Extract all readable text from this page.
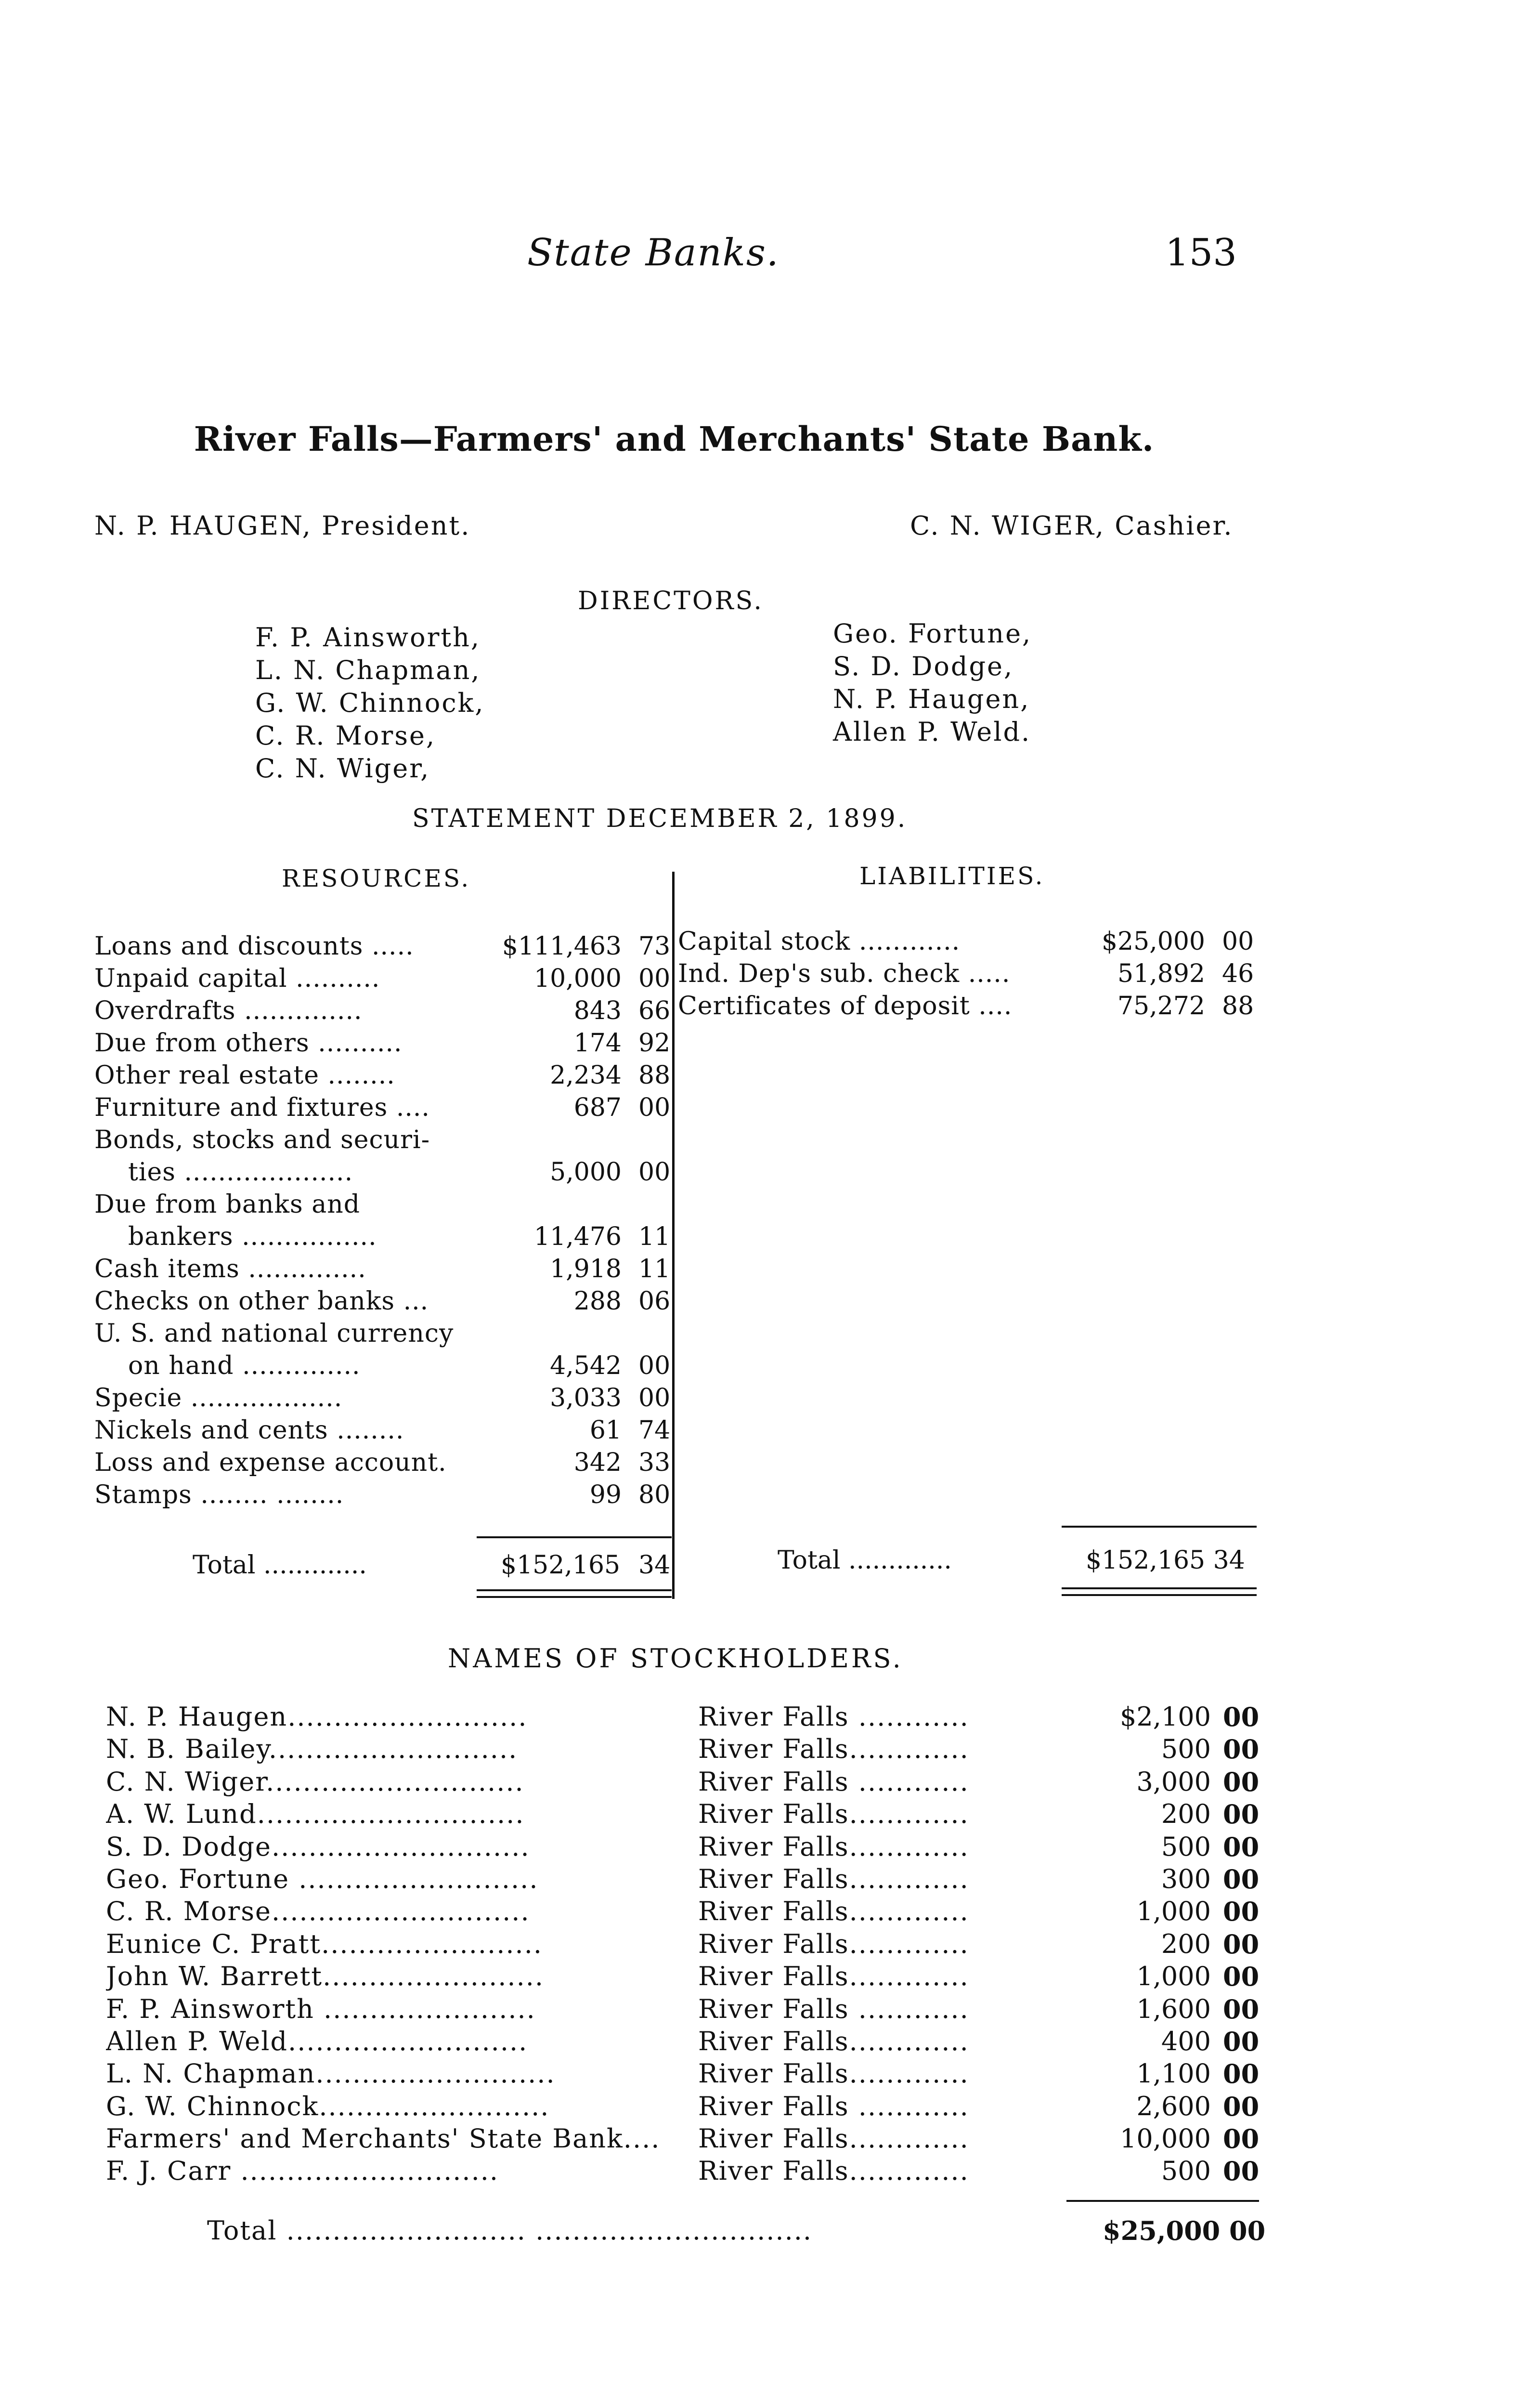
State Banks.	153
River Falls—Farmers' and Merchants' State Bank.
N. P. HAUGEN, President.	C. N. WIGER, Cashier.
DIRECTORS.
F. P. Ainsworth,
L. N. Chapman,
G. W. Chinnock,
C. R. Morse,
C. N. Wiger,
Geo. Fortune,
S. D. Dodge,
N. P. Haugen,
Allen P. Weld.
STATEMENT DECEMBER 2, 1899.
RESOURCES.	LIABILITIES.
Loans and discounts .....	$111,463 73
Unpaid capital ..........	10,000 00
Overdrafts ..............	843 66
Due from others ..........	174 92
Other real estate ........	2,234 88
Furniture and fixtures ....	687 00
Bonds, stocks and securi-
ties ....................	5,000 00
Due from banks and
bankers ................	11,476 11
Cash items ..............	1,918 11
Checks on other banks ...	288 06
U. S. and national currency
on hand ..............	4,542 00
Specie ..................	3,033 00
Nickels and cents ........	61 74
Loss and expense account.	342 33
Stamps ........ ........	99 80
Total .............	$152,165 34
Capital stock ............	$25,000 00
Ind. Dep's sub. check .....	51,892 46
Certificates of deposit ....	75,272 88
Total .............	$152,165 34
NAMES OF STOCKHOLDERS.
N. P. Haugen..........................	River Falls ............	$2,100 00
N. B. Bailey...........................	River Falls.............	500 00
C. N. Wiger............................	River Falls ............	3,000 00
A. W. Lund.............................	River Falls.............	200 00
S. D. Dodge............................	River Falls.............	500 00
Geo. Fortune ..........................	River Falls.............	300 00
C. R. Morse............................	River Falls.............	1,000 00
Eunice C. Pratt........................	River Falls.............	200 00
John W. Barrett........................	River Falls.............	1,000 00
F. P. Ainsworth .......................	River Falls ............	1,600 00
Allen P. Weld..........................	River Falls.............	400 00
L. N. Chapman..........................	River Falls.............	1,100 00
G. W. Chinnock.........................	River Falls ............	2,600 00
Farmers' and Merchants' State Bank....	River Falls.............	10,000 00
F. J. Carr ............................	River Falls.............	500 00
Total .......................... ..............................	$25,000 00
